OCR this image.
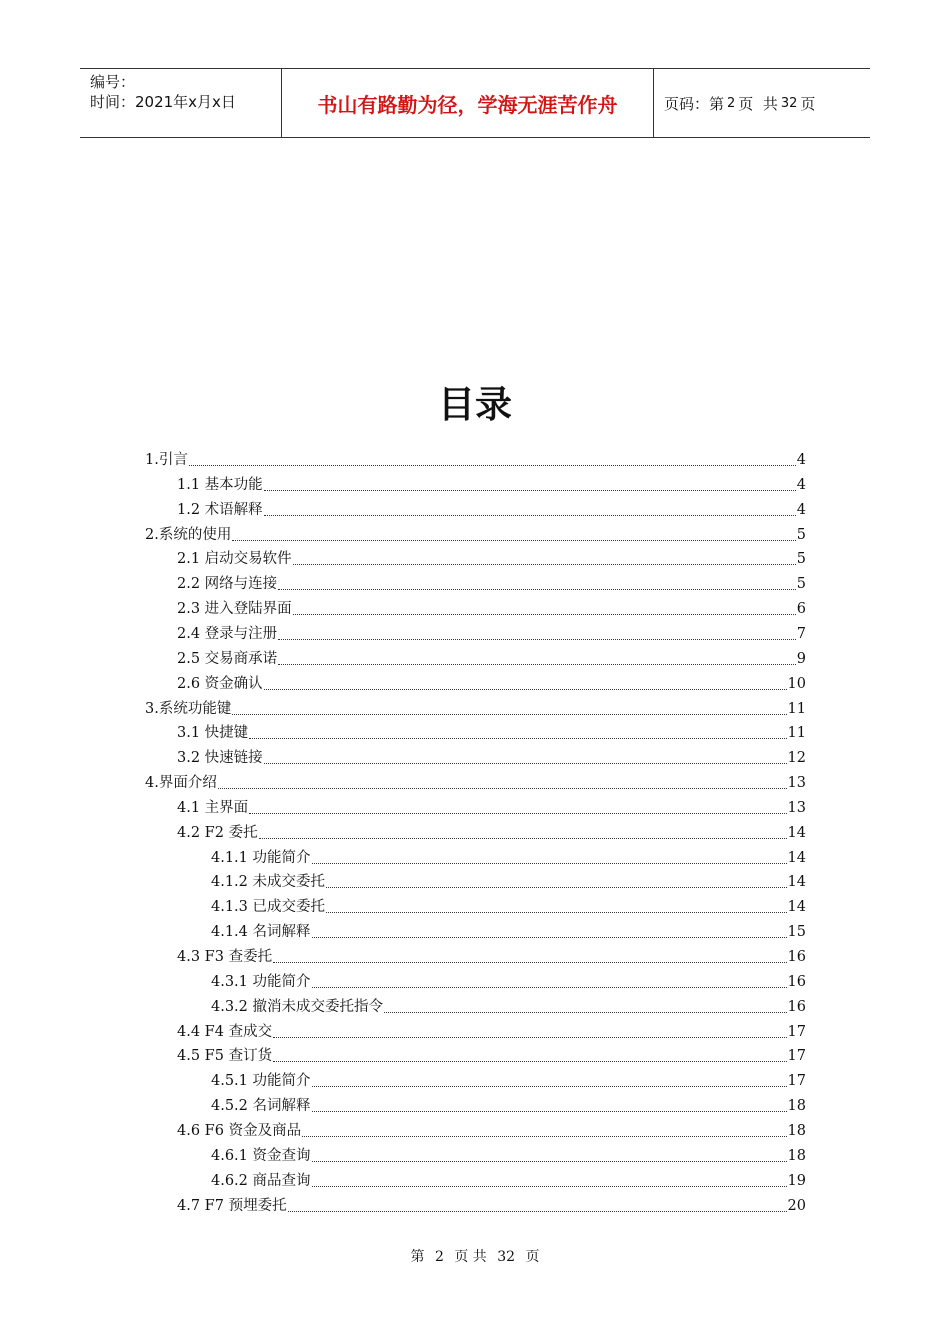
编号：
时间：2021年x月x日	书山有路勤为径，学海无涯苦作舟	页码：第 2 页  共 32 页
目录
1.引言	4
1.1 基本功能	4
1.2 术语解释	4
2.系统的使用	5
2.1 启动交易软件	5
2.2 网络与连接	5
2.3 进入登陆界面	6
2.4 登录与注册	7
2.5 交易商承诺	9
2.6 资金确认	10
3.系统功能键	11
3.1 快捷键	11
3.2 快速链接	12
4.界面介绍	13
4.1 主界面	13
4.2 F2 委托	14
4.1.1 功能简介	14
4.1.2 未成交委托	14
4.1.3 已成交委托	14
4.1.4 名词解释	15
4.3 F3 查委托	16
4.3.1 功能简介	16
4.3.2 撤消未成交委托指令	16
4.4 F4 查成交	17
4.5 F5 查订货	17
4.5.1 功能简介	17
4.5.2 名词解释	18
4.6 F6 资金及商品	18
4.6.1 资金查询	18
4.6.2 商品查询	19
4.7 F7 预埋委托	20
第 2 页 共 32 页
